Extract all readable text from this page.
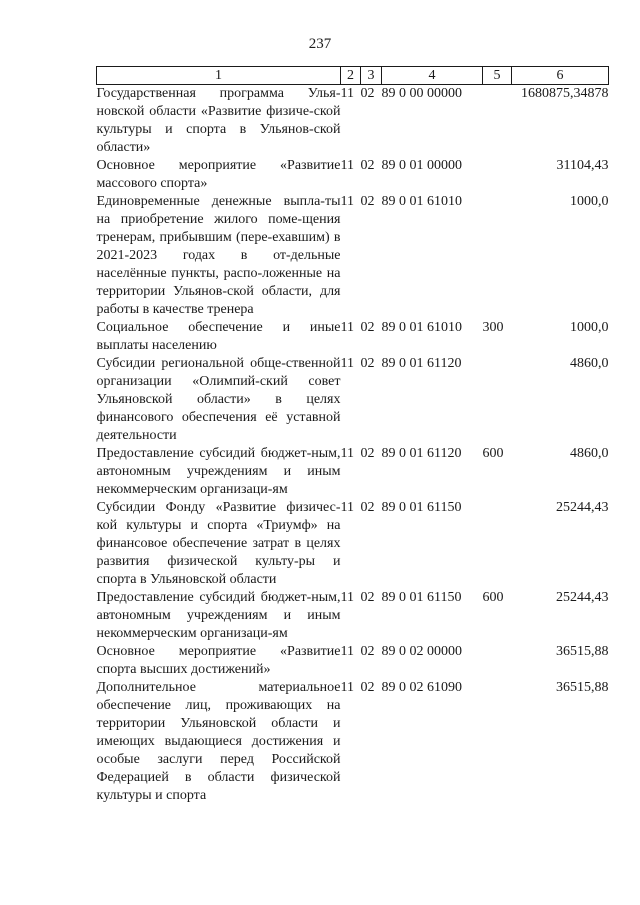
237
1	2	3	4	5	6
Государственная программа Улья-новской области «Развитие физиче-ской культуры и спорта в Ульянов-ской области»	11	02	89 0 00 00000		1680875,34878
Основное мероприятие «Развитие массового спорта»	11	02	89 0 01 00000		31104,43
Единовременные денежные выпла-ты на приобретение жилого поме-щения тренерам, прибывшим (пере-ехавшим) в 2021-2023 годах в от-дельные населённые пункты, распо-ложенные на территории Ульянов-ской области, для работы в качестве тренера	11	02	89 0 01 61010		1000,0
Социальное обеспечение и иные выплаты населению	11	02	89 0 01 61010	300	1000,0
Субсидии региональной обще-ственной организации «Олимпий-ский совет Ульяновской области» в целях финансового обеспечения её уставной деятельности	11	02	89 0 01 61120		4860,0
Предоставление субсидий бюджет-ным, автономным учреждениям и иным некоммерческим организаци-ям	11	02	89 0 01 61120	600	4860,0
Субсидии Фонду «Развитие физичес-кой культуры и спорта «Триумф» на финансовое обеспечение затрат в целях развития физической культу-ры и спорта в Ульяновской области	11	02	89 0 01 61150		25244,43
Предоставление субсидий бюджет-ным, автономным учреждениям и иным некоммерческим организаци-ям	11	02	89 0 01 61150	600	25244,43
Основное мероприятие «Развитие спорта высших достижений»	11	02	89 0 02 00000		36515,88
Дополнительное материальное обеспечение лиц, проживающих на территории Ульяновской области и имеющих выдающиеся достижения и особые заслуги перед Российской Федерацией в области физической культуры и спорта	11	02	89 0 02 61090		36515,88
